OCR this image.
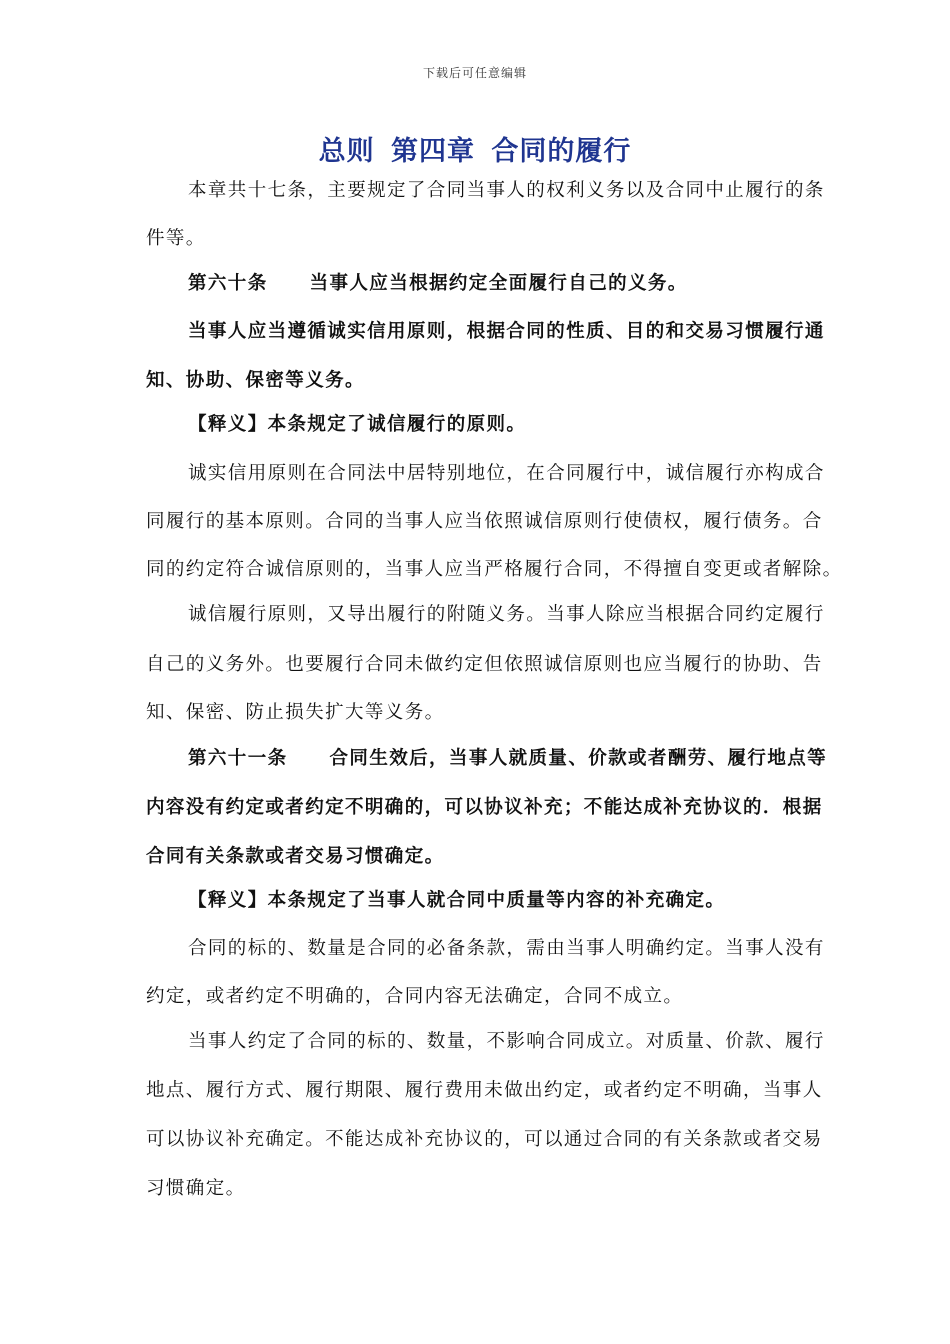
下载后可任意编辑
总则 第四章 合同的履行
本章共十七条，主要规定了合同当事人的权利义务以及合同中止履行的条
件等。
第六十条 当事人应当根据约定全面履行自己的义务。
当事人应当遵循诚实信用原则，根据合同的性质、目的和交易习惯履行通
知、协助、保密等义务。
【释义】本条规定了诚信履行的原则。
诚实信用原则在合同法中居特别地位，在合同履行中，诚信履行亦构成合
同履行的基本原则。合同的当事人应当依照诚信原则行使债权，履行债务。合
同的约定符合诚信原则的，当事人应当严格履行合同，不得擅自变更或者解除。
诚信履行原则，又导出履行的附随义务。当事人除应当根据合同约定履行
自己的义务外。也要履行合同未做约定但依照诚信原则也应当履行的协助、告
知、保密、防止损失扩大等义务。
第六十一条 合同生效后，当事人就质量、价款或者酬劳、履行地点等
内容没有约定或者约定不明确的，可以协议补充；不能达成补充协议的．根据
合同有关条款或者交易习惯确定。
【释义】本条规定了当事人就合同中质量等内容的补充确定。
合同的标的、数量是合同的必备条款，需由当事人明确约定。当事人没有
约定，或者约定不明确的，合同内容无法确定，合同不成立。
当事人约定了合同的标的、数量，不影响合同成立。对质量、价款、履行
地点、履行方式、履行期限、履行费用未做出约定，或者约定不明确，当事人
可以协议补充确定。不能达成补充协议的，可以通过合同的有关条款或者交易
习惯确定。
